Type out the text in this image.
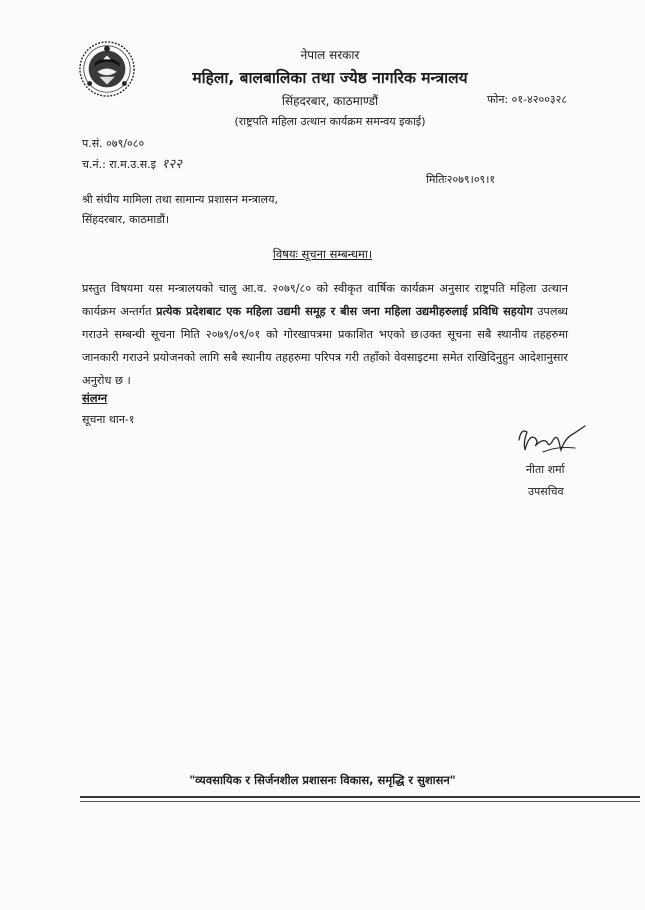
नेपाल सरकार
महिला, बालबालिका तथा ज्येष्ठ नागरिक मन्त्रालय
सिंहदरबार, काठमाण्डौं
(राष्ट्रपति महिला उत्थान कार्यक्रम समन्वय इकाई)
फोन: ०१-४२००३२८
प.सं. ०७९/०८०
च.नं.: रा.म.उ.स.इ १२२
मितिः२०७९।०९।१
श्री संघीय मामिला तथा सामान्य प्रशासन मन्त्रालय,
सिंहदरबार, काठमाडौं।
विषयः सूचना सम्बन्धमा।
प्रस्तुत विषयमा यस मन्त्रालयको चालु आ.व. २०७९/८० को स्वीकृत वार्षिक कार्यक्रम अनुसार राष्ट्रपति महिला उत्थान कार्यक्रम अन्तर्गत प्रत्येक प्रदेशबाट एक महिला उद्यमी समूह र बीस जना महिला उद्यमीहरुलाई प्रविधि सहयोग उपलब्ध गराउने सम्बन्धी सूचना मिति २०७९/०९/०१ को गोरखापत्रमा प्रकाशित भएको छ।उक्त सूचना सबै स्थानीय तहहरुमा जानकारी गराउने प्रयोजनको लागि सबै स्थानीय तहहरुमा परिपत्र गरी तहाँको वेवसाइटमा समेत राखिदिनुहुन आदेशानुसार अनुरोध छ ।
संलग्न
सूचना थान-१
नीता शर्मा
उपसचिव
"व्यवसायिक र सिर्जनशील प्रशासनः विकास, समृद्धि र सुशासन"
